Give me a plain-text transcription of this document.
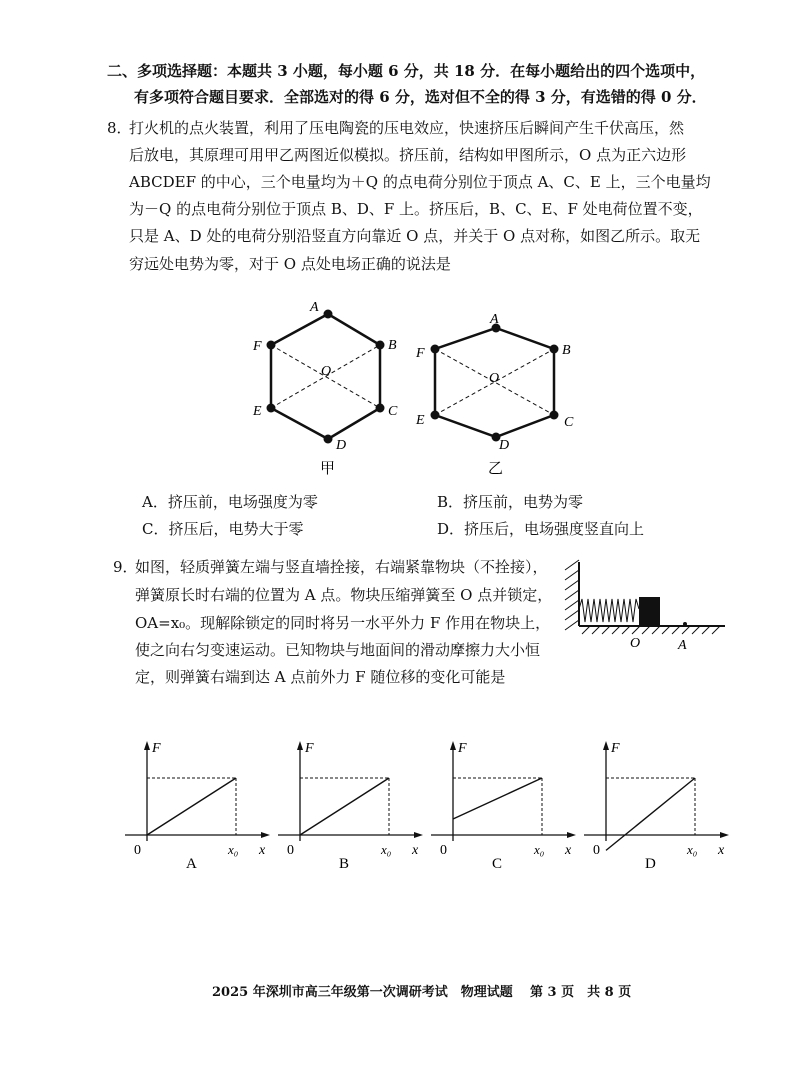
二、多项选择题：本题共 3 小题，每小题 6 分，共 18 分．在每小题给出的四个选项中，
有多项符合题目要求．全部选对的得 6 分，选对但不全的得 3 分，有选错的得 0 分．
8．
打火机的点火装置，利用了压电陶瓷的压电效应，快速挤压后瞬间产生千伏高压，然
后放电，其原理可用甲乙两图近似模拟。挤压前，结构如甲图所示，O 点为正六边形
ABCDEF 的中心，三个电量均为＋Q 的点电荷分别位于顶点 A、C、E 上，三个电量均
为－Q 的点电荷分别位于顶点 B、D、F 上。挤压后，B、C、E、F 处电荷位置不变，
只是 A、D 处的电荷分别沿竖直方向靠近 O 点，并关于 O 点对称，如图乙所示。取无
穷远处电势为零，对于 O 点处电场正确的说法是
A
B
C
D
E
F
O
甲
A
B
C
D
E
F
O
乙
A．挤压前，电场强度为零	B．挤压前，电势为零
C．挤压后，电势大于零	D．挤压后，电场强度竖直向上
9．
如图，轻质弹簧左端与竖直墙拴接，右端紧靠物块（不拴接），
弹簧原长时右端的位置为 A 点。物块压缩弹簧至 O 点并锁定，
OA=x₀。现解除锁定的同时将另一水平外力 F 作用在物块上，
使之向右匀变速运动。已知物块与地面间的滑动摩擦力大小恒
定，则弹簧右端到达 A 点前外力 F 随位移的变化可能是
O	A
F
0	x₀ x
A
F
0	x₀ x
B
F
0	x₀ x
C
F
0	x₀ x
D
2025 年深圳市高三年级第一次调研考试　物理试题 第 3 页　共 8 页
